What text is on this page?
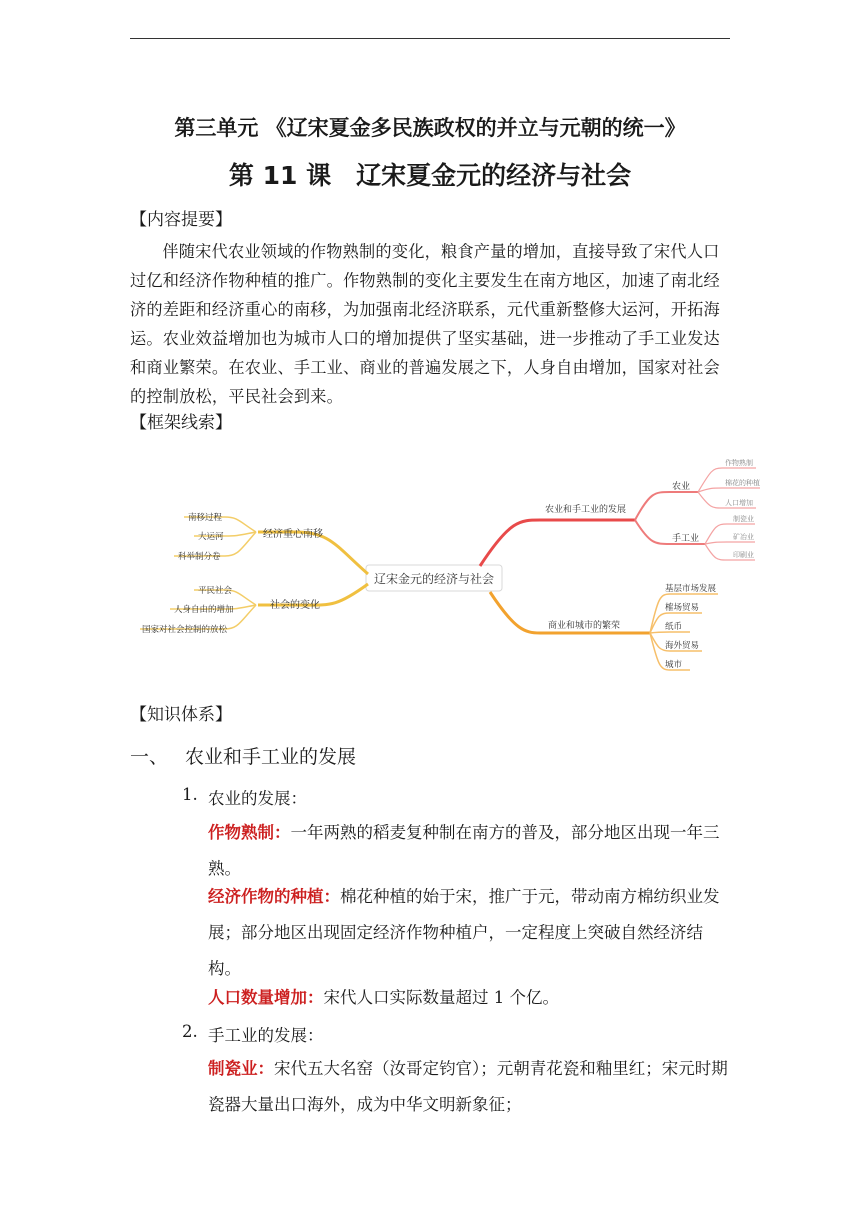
第三单元 《辽宋夏金多民族政权的并立与元朝的统一》
第 11 课　辽宋夏金元的经济与社会
【内容提要】
伴随宋代农业领域的作物熟制的变化，粮食产量的增加，直接导致了宋代人口过亿和经济作物种植的推广。作物熟制的变化主要发生在南方地区，加速了南北经济的差距和经济重心的南移，为加强南北经济联系，元代重新整修大运河，开拓海运。农业效益增加也为城市人口的增加提供了坚实基础，进一步推动了手工业发达和商业繁荣。在农业、手工业、商业的普遍发展之下，人身自由增加，国家对社会的控制放松，平民社会到来。
【框架线索】
辽宋金元的经济与社会
经济重心南移
社会的变化
南移过程
大运河
科举制分卷
平民社会
人身自由的增加
国家对社会控制的放松
农业和手工业的发展
农业
手工业
作物熟制
棉花的种植
人口增加
制瓷业
矿冶业
印刷业
商业和城市的繁荣
基层市场发展
榷场贸易
纸币
海外贸易
城市
【知识体系】
一、 农业和手工业的发展
1. 农业的发展：
作物熟制：一年两熟的稻麦复种制在南方的普及，部分地区出现一年三熟。
经济作物的种植：棉花种植的始于宋，推广于元，带动南方棉纺织业发展；部分地区出现固定经济作物种植户，一定程度上突破自然经济结构。
人口数量增加：宋代人口实际数量超过 1 个亿。
2. 手工业的发展：
制瓷业：宋代五大名窑（汝哥定钧官）；元朝青花瓷和釉里红；宋元时期瓷器大量出口海外，成为中华文明新象征；
